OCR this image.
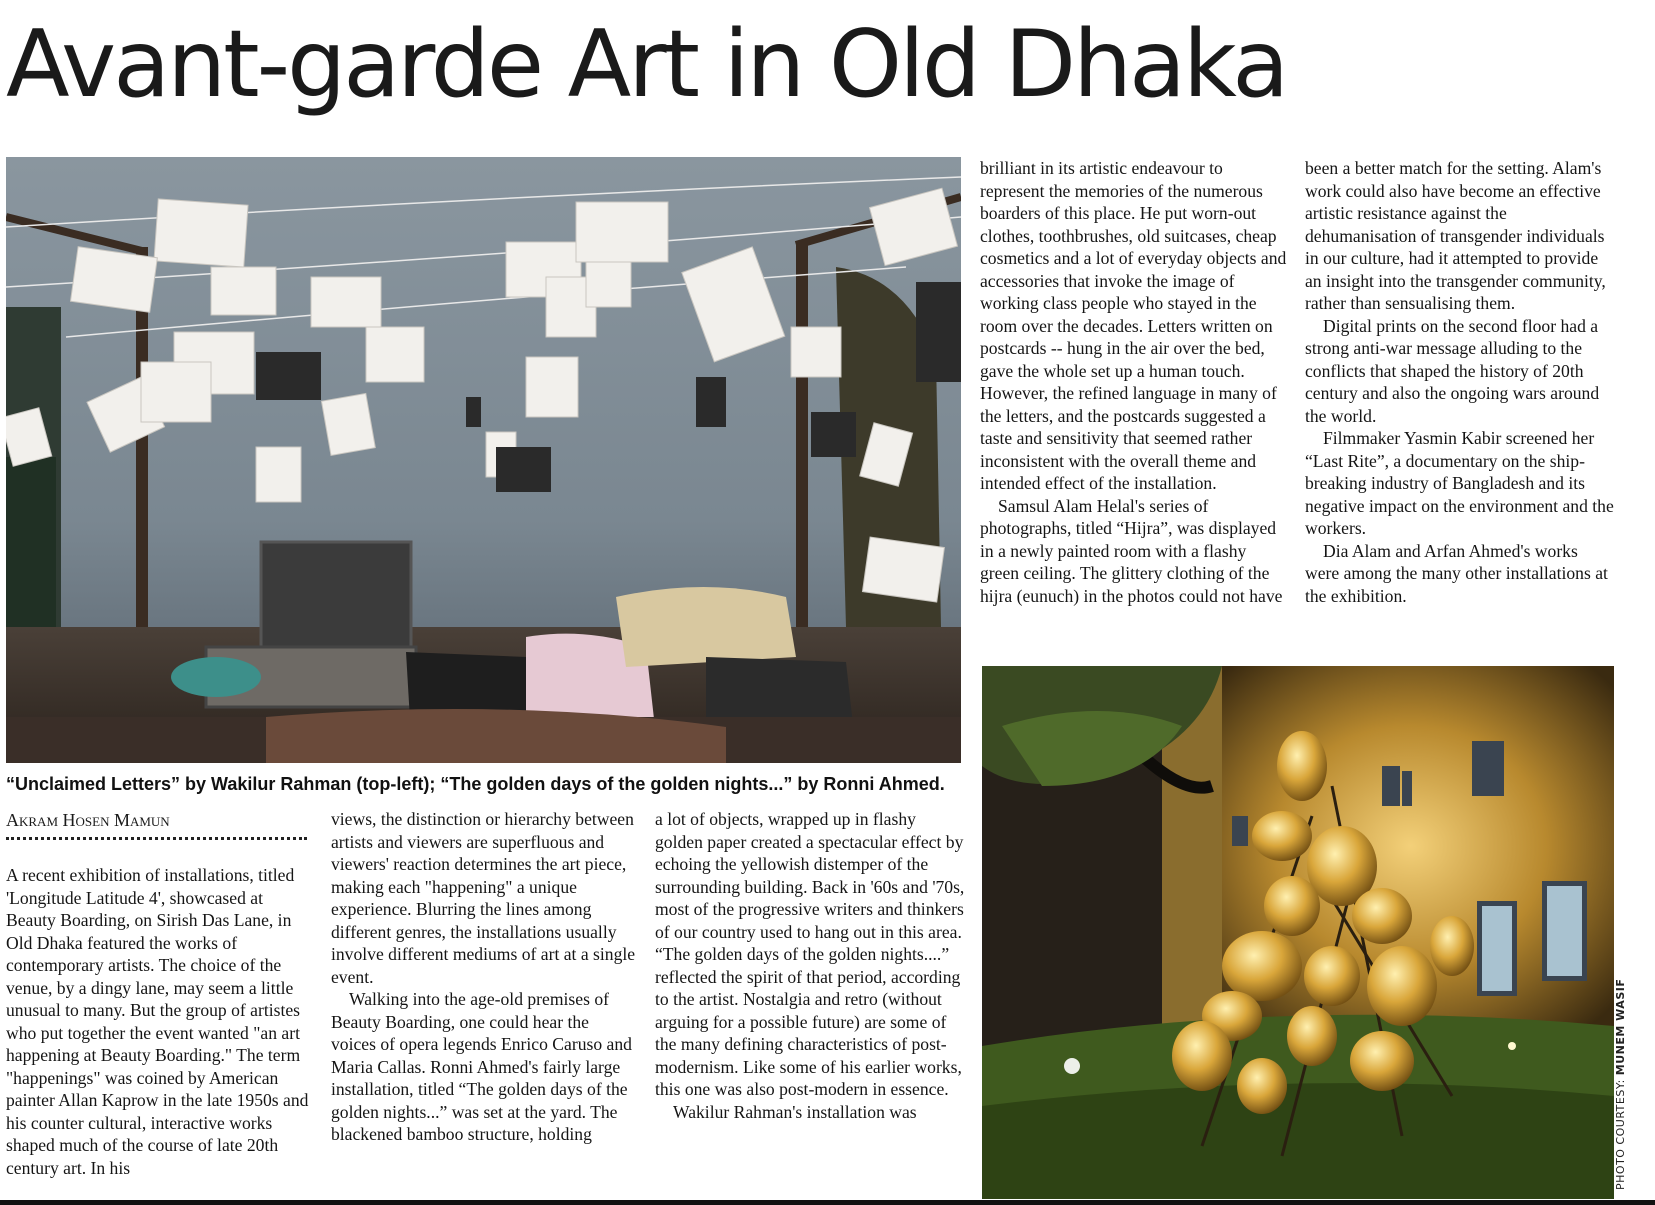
Avant-garde Art in Old Dhaka
“Unclaimed Letters” by Wakilur Rahman (top-left); “The golden days of the golden nights...” by Ronni Ahmed.
Akram Hosen Mamun

A recent exhibition of installations, titled 'Longitude Latitude 4', showcased at Beauty Boarding, on Sirish Das Lane, in Old Dhaka featured the works of contemporary artists. The choice of the venue, by a dingy lane, may seem a little unusual to many. But the group of artistes who put together the event wanted "an art happening at Beauty Boarding." The term "happenings" was coined by American painter Allan Kaprow in the late 1950s and his counter cultural, interactive works shaped much of the course of late 20th century art. In his

views, the distinction or hierarchy between artists and viewers are superfluous and viewers' reaction determines the art piece, making each "happening" a unique experience. Blurring the lines among different genres, the installations usually involve different mediums of art at a single event.

Walking into the age-old premises of Beauty Boarding, one could hear the voices of opera legends Enrico Caruso and Maria Callas. Ronni Ahmed's fairly large installation, titled “The golden days of the golden nights...” was set at the yard. The blackened bamboo structure, holding

a lot of objects, wrapped up in flashy golden paper created a spectacular effect by echoing the yellowish distemper of the surrounding building. Back in '60s and '70s, most of the progressive writers and thinkers of our country used to hang out in this area. “The golden days of the golden nights....” reflected the spirit of that period, according to the artist. Nostalgia and retro (without arguing for a possible future) are some of the many defining characteristics of post-modernism. Like some of his earlier works, this one was also post-modern in essence.

Wakilur Rahman's installation was

brilliant in its artistic endeavour to represent the memories of the numerous boarders of this place. He put worn-out clothes, toothbrushes, old suitcases, cheap cosmetics and a lot of everyday objects and accessories that invoke the image of working class people who stayed in the room over the decades. Letters written on postcards -- hung in the air over the bed, gave the whole set up a human touch. However, the refined language in many of the letters, and the postcards suggested a taste and sensitivity that seemed rather inconsistent with the overall theme and intended effect of the installation.

Samsul Alam Helal's series of photographs, titled “Hijra”, was displayed in a newly painted room with a flashy green ceiling. The glittery clothing of the hijra (eunuch) in the photos could not have

been a better match for the setting. Alam's work could also have become an effective artistic resistance against the dehumanisation of transgender individuals in our culture, had it attempted to provide an insight into the transgender community, rather than sensualising them.

Digital prints on the second floor had a strong anti-war message alluding to the conflicts that shaped the history of 20th century and also the ongoing wars around the world.

Filmmaker Yasmin Kabir screened her “Last Rite”, a documentary on the ship-breaking industry of Bangladesh and its negative impact on the environment and the workers.

Dia Alam and Arfan Ahmed's works were among the many other installations at the exhibition.

PHOTO COURTESY: MUNEM WASIF
